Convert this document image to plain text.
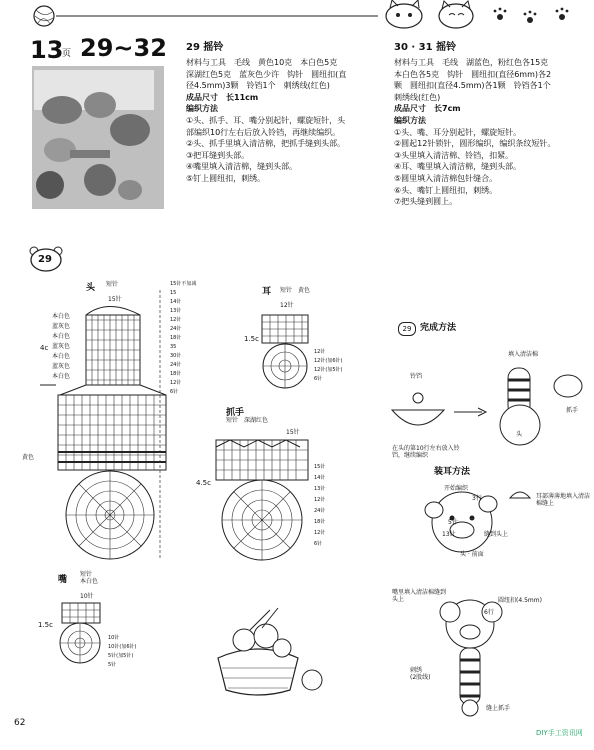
13
页 29~32 29 摇铃
材料与工具　毛线　黄色10克　本白色5克
深湖红色5克　蓝灰色少许　钩针　圆纽扣(直
径4.5mm)3颗　铃铛1个　刺绣线(红色)
成品尺寸　长11cm
编织方法
①头、抓手、耳、嘴分别起针，螺旋短针，头
部编织10行左右后放入铃铛，再继续编织。
②头、抓手里填入清洁棉，把抓手缝到头部。
③把耳缝到头部。
④嘴里填入清洁棉，缝到头部。
⑤钉上圆纽扣，刺绣。
30 · 31 摇铃
材料与工具　毛线　湖蓝色，粉红色各15克
本白色各5克　钩针　圆纽扣(直径6mm)各2
颗　圆纽扣(直径4.5mm)各1颗　铃铛各1个
刺绣线(红色)
成品尺寸　长7cm
编织方法
①头、嘴、耳分别起针，螺旋短针。
②圆起12针锁针，圆形编织，编织条纹短针。
③头里填入清洁棉、铃铛，扣紧。
④耳、嘴里填入清洁棉，缝到头部。
⑤圆里填入清洁棉包针缝合。
⑥头、嘴钉上圆纽扣，刺绣。
⑦把头缝到圆上。
29
头 短针
15针
4c
本白色
蓝灰色
本白色
蓝灰色
本白色
蓝灰色
本白色
黄色
15针不加减
15
14针
13针
12针
24针
18针
35
30针
24针
18针
12针
6针
耳 短针　黄色
12针
1.5c
12针
12针(加6针)
12针(加5针)
6针
抓手
短针　深湖红色
15针
4.5c
15针
14针
13针
12针
24针
18针
12针
6针
嘴
短针
本白色
10针
1.5c
10针
10针(加6针)
5针(加5针)
5针
29 完成方法
填入清洁棉
铃铛
抓手
头
在头的第10行左右放入铃铛，继续编织
装耳方法
开始编织
3行	耳部薄薄地填入清洁棉缝上
缝到头上
13针
5针
头 · 前面
嘴里填入清洁棉缝到头上	圆纽扣(4.5mm)
6行
刺绣
(2股线)
缝上抓手
62
DIY手工资讯网
